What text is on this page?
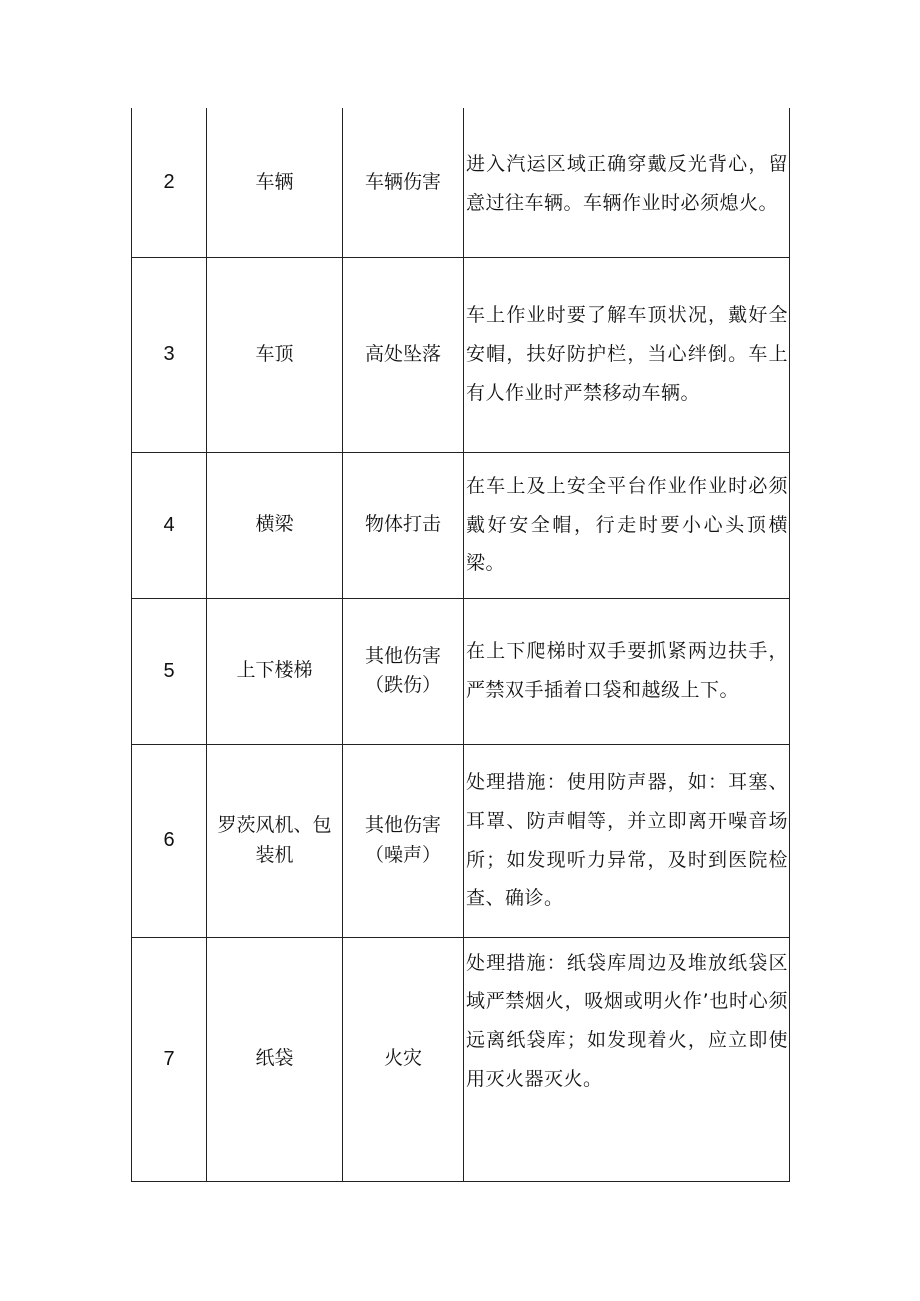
2	车辆	车辆伤害	进入汽运区域正确穿戴反光背心，留意过往车辆。车辆作业时必须熄火。

3	车顶	高处坠落	车上作业时要了解车顶状况，戴好全安帽，扶好防护栏，当心绊倒。车上有人作业时严禁移动车辆。

4	横梁	物体打击	在车上及上安全平台作业作业时必须戴好安全帽，行走时要小心头顶横梁。

5	上下楼梯	其他伤害（跌伤）	在上下爬梯时双手要抓紧两边扶手，严禁双手插着口袋和越级上下。

6	罗茨风机、包装机	其他伤害（噪声）	处理措施：使用防声器，如：耳塞、耳罩、防声帽等，并立即离开噪音场所；如发现听力异常，及时到医院检查、确诊。

7	纸袋	火灾	处理措施：纸袋库周边及堆放纸袋区域严禁烟火，吸烟或明火作’也时心须远离纸袋库；如发现着火，应立即使用灭火器灭火。
